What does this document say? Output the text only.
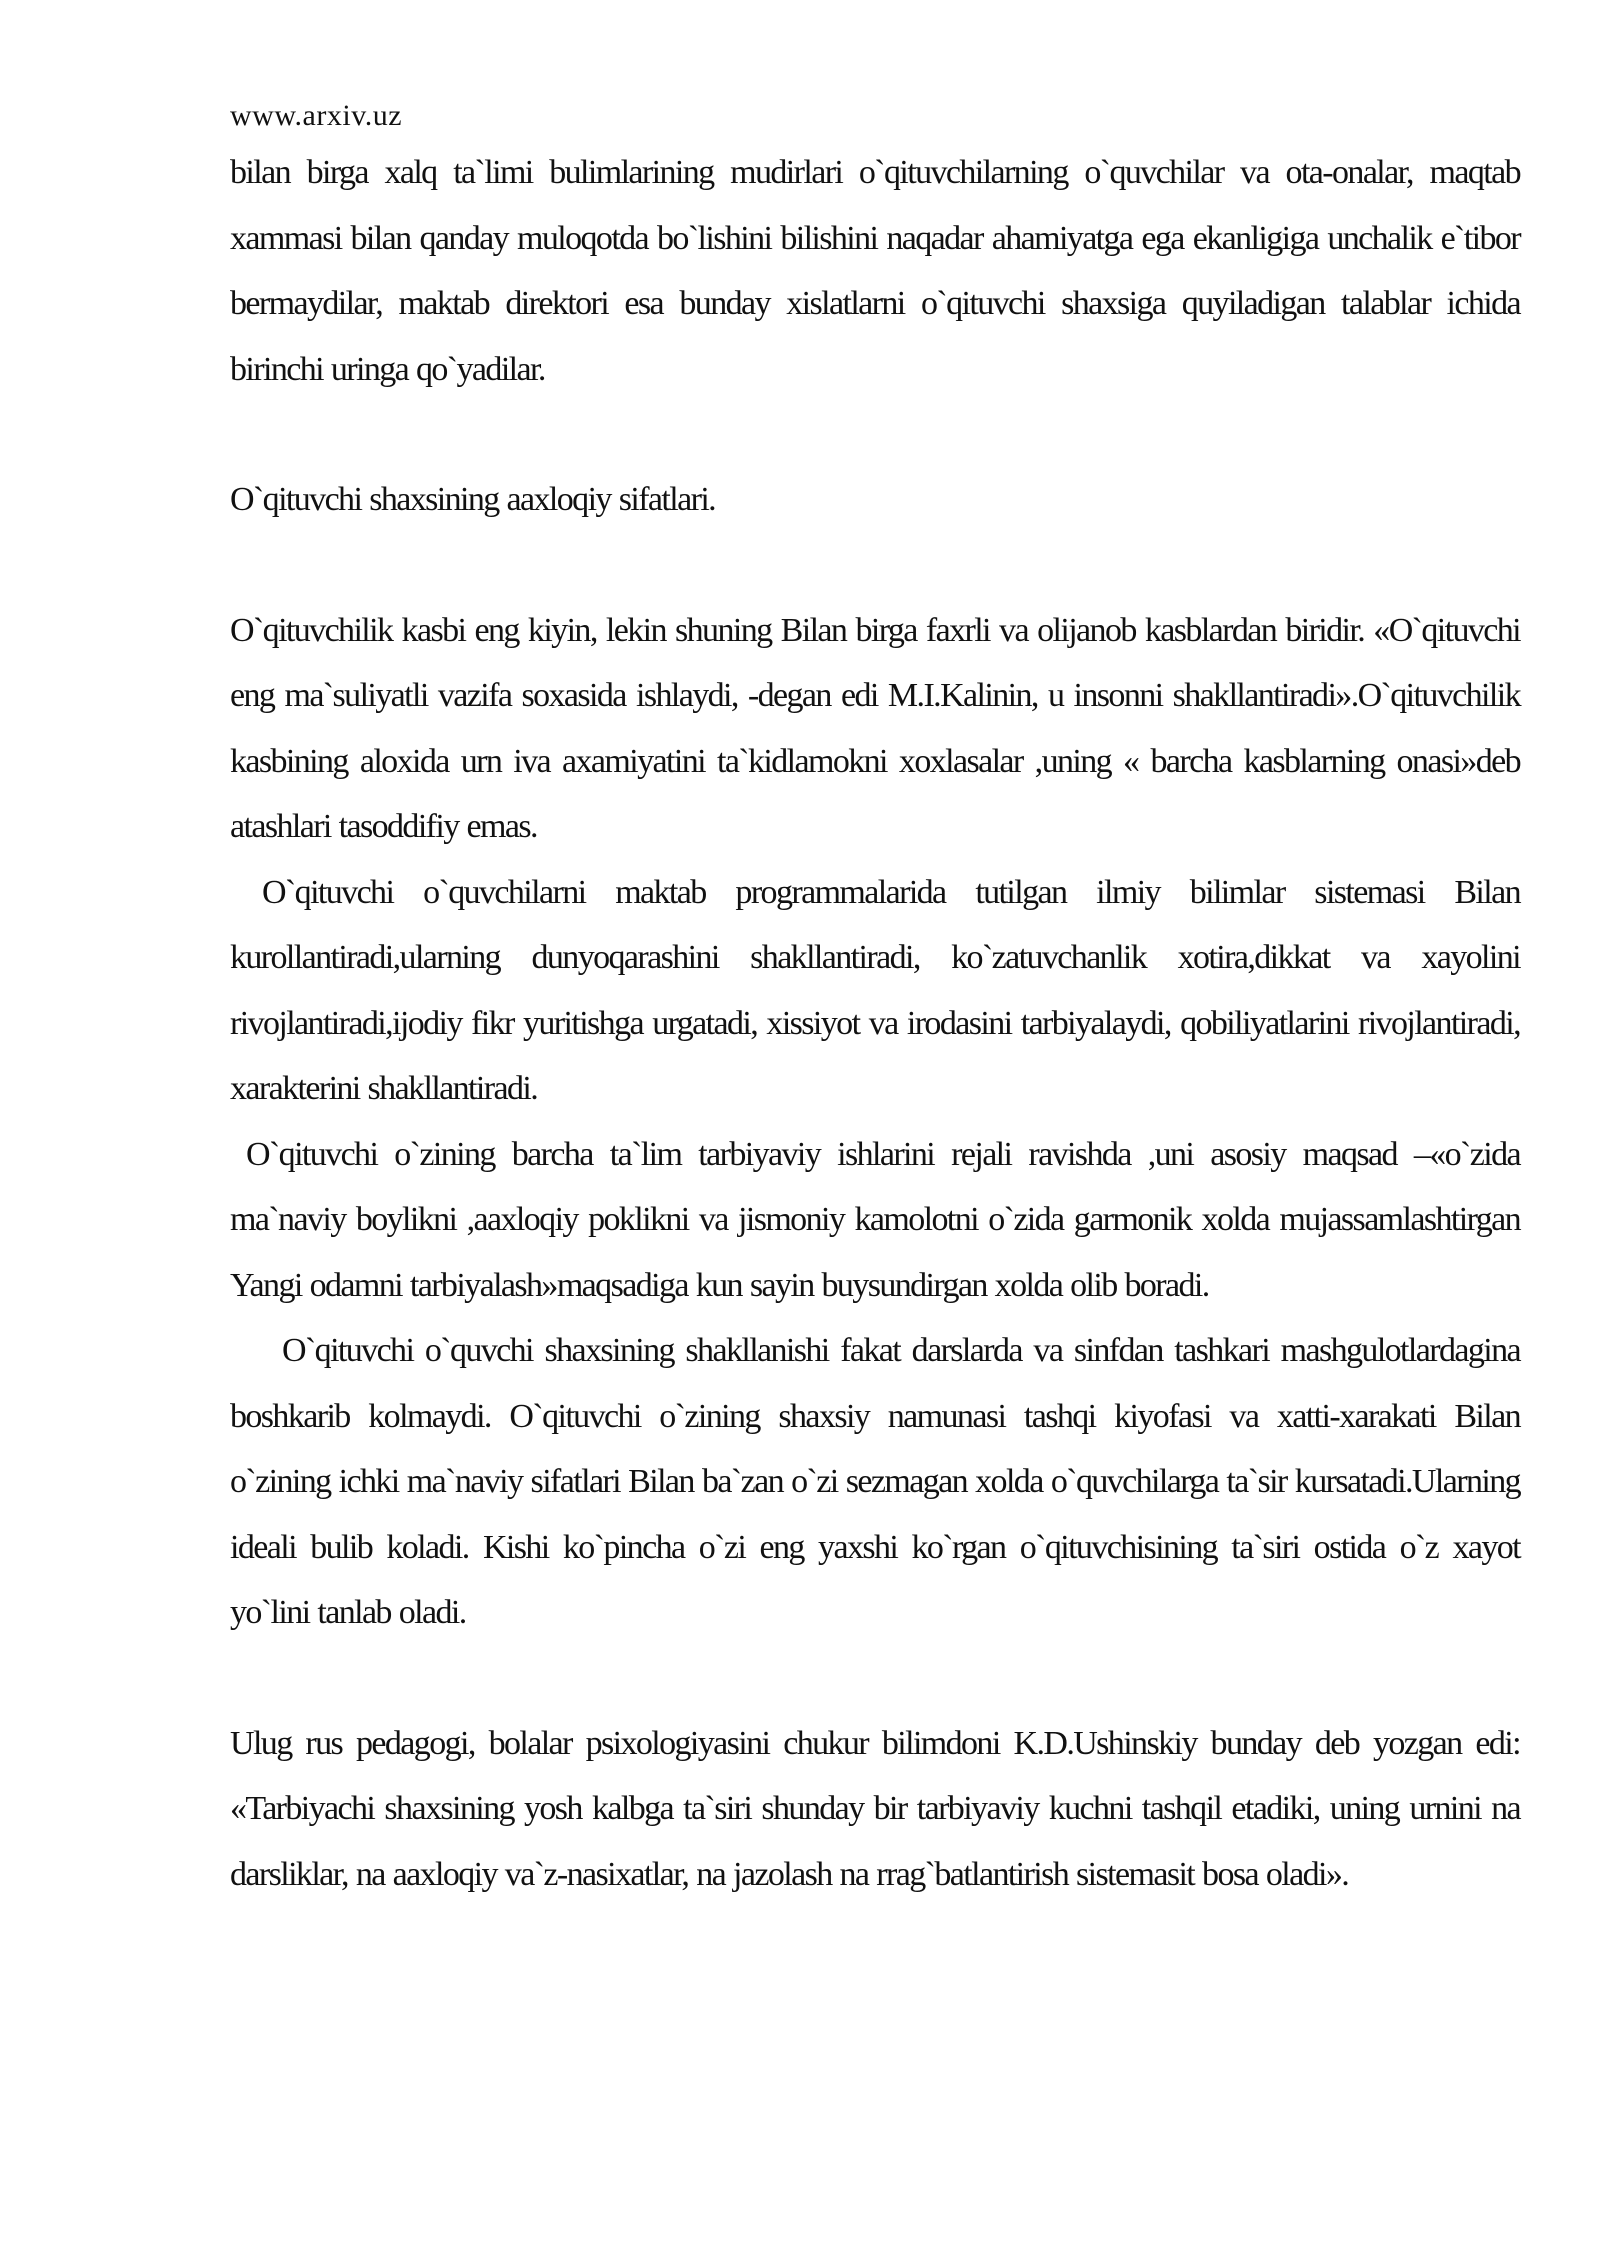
www.arxiv.uz

bilan birga xalq ta`limi bulimlarining mudirlari o`qituvchilarning o`quvchilar va ota-onalar, maqtab xammasi bilan qanday muloqotda bo`lishini bilishini naqadar ahamiyatga ega ekanligiga unchalik e`tibor bermaydilar, maktab direktori esa bunday xislatlarni o`qituvchi shaxsiga quyiladigan talablar ichida birinchi uringa qo`yadilar.

O`qituvchi shaxsining aaxloqiy sifatlari.

O`qituvchilik kasbi eng kiyin, lekin shuning Bilan birga faxrli va olijanob kasblardan biridir. «O`qituvchi eng ma`suliyatli vazifa soxasida ishlaydi, -degan edi M.I.Kalinin, u insonni shakllantiradi».O`qituvchilik kasbining aloxida urn iva axamiyatini ta`kidlamokni xoxlasalar ,uning « barcha kasblarning onasi»deb atashlari tasoddifiy emas.

O`qituvchi o`quvchilarni maktab programmalarida tutilgan ilmiy bilimlar sistemasi Bilan kurollantiradi,ularning dunyoqarashini shakllantiradi, ko`zatuvchanlik xotira,dikkat va xayolini rivojlantiradi,ijodiy fikr yuritishga urgatadi, xissiyot va irodasini tarbiyalaydi, qobiliyatlarini rivojlantiradi, xarakterini shakllantiradi.

O`qituvchi o`zining barcha ta`lim tarbiyaviy ishlarini rejali ravishda ,uni asosiy maqsad –«o`zida ma`naviy boylikni ,aaxloqiy poklikni va jismoniy kamolotni o`zida garmonik xolda mujassamlashtirgan Yangi odamni tarbiyalash»maqsadiga kun sayin buysundirgan xolda olib boradi.

O`qituvchi o`quvchi shaxsining shakllanishi fakat darslarda va sinfdan tashkari mashgulotlardagina boshkarib kolmaydi. O`qituvchi o`zining shaxsiy namunasi tashqi kiyofasi va xatti-xarakati Bilan o`zining ichki ma`naviy sifatlari Bilan ba`zan o`zi sezmagan xolda o`quvchilarga ta`sir kursatadi.Ularning ideali bulib koladi. Kishi ko`pincha o`zi eng yaxshi ko`rgan o`qituvchisining ta`siri ostida o`z xayot yo`lini tanlab oladi.

Ulug rus pedagogi, bolalar psixologiyasini chukur bilimdoni K.D.Ushinskiy bunday deb yozgan edi: «Tarbiyachi shaxsining yosh kalbga ta`siri shunday bir tarbiyaviy kuchni tashqil etadiki, uning urnini na darsliklar, na aaxloqiy va`z-nasixatlar, na jazolash na rrag`batlantirish sistemasit bosa oladi».
